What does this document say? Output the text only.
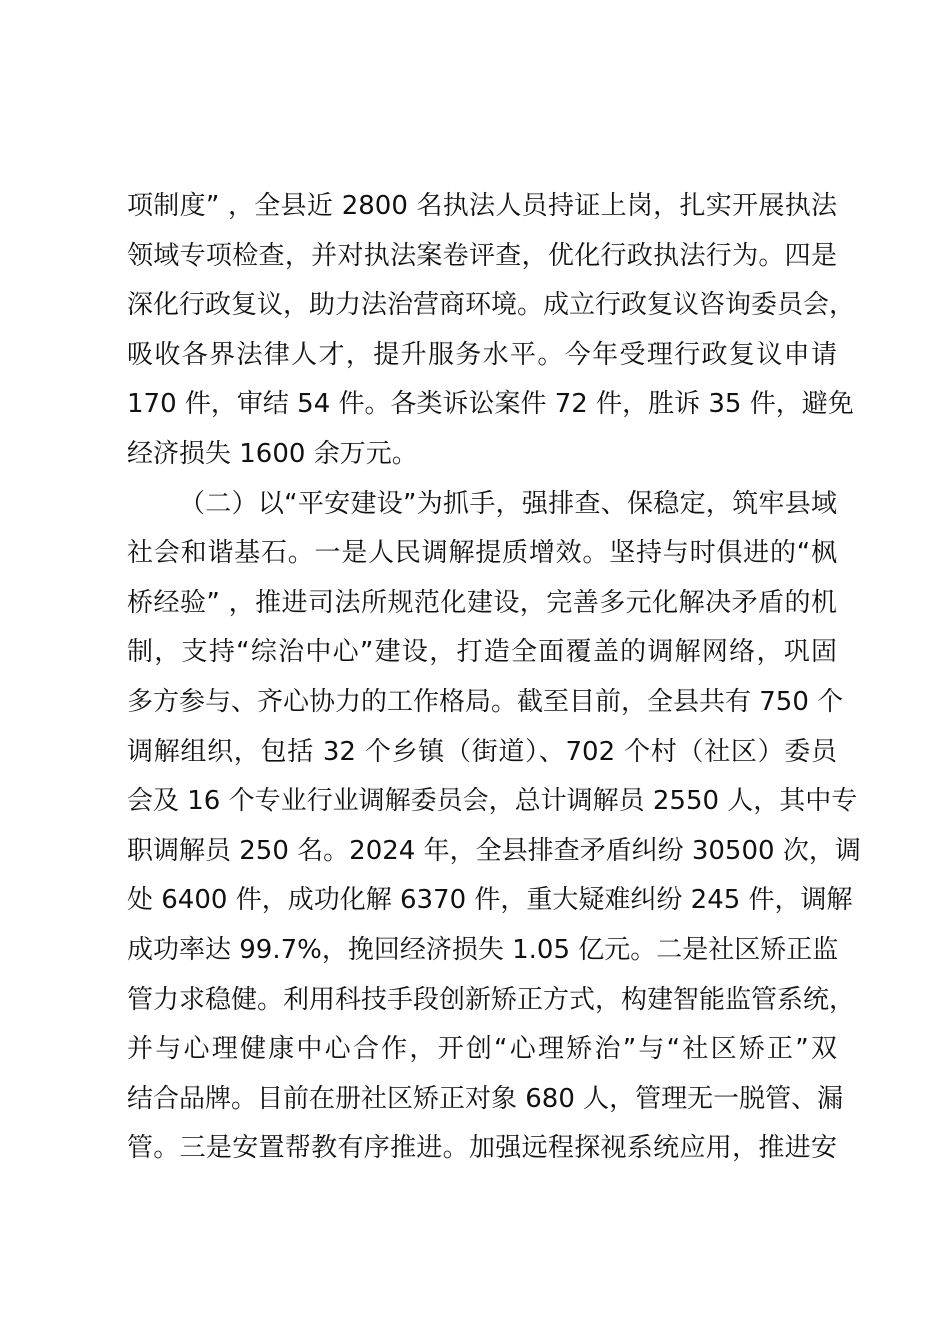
项制度” ，全县近 2800 名执法人员持证上岗，扎实开展执法
领域专项检查，并对执法案卷评查，优化行政执法行为。四是
深化行政复议，助力法治营商环境。成立行政复议咨询委员会，
吸收各界法律人才，提升服务水平。今年受理行政复议申请
170 件，审结 54 件。各类诉讼案件 72 件，胜诉 35 件，避免
经济损失 1600 余万元。
（二）以“平安建设”为抓手，强排查、保稳定，筑牢县域
社会和谐基石。一是人民调解提质增效。坚持与时俱进的“枫
桥经验” ，推进司法所规范化建设，完善多元化解决矛盾的机
制，支持“综治中心”建设，打造全面覆盖的调解网络，巩固
多方参与、齐心协力的工作格局。截至目前，全县共有 750 个
调解组织，包括 32 个乡镇（街道）、702 个村（社区）委员
会及 16 个专业行业调解委员会，总计调解员 2550 人，其中专
职调解员 250 名。2024 年，全县排查矛盾纠纷 30500 次，调
处 6400 件，成功化解 6370 件，重大疑难纠纷 245 件，调解
成功率达 99.7%，挽回经济损失 1.05 亿元。二是社区矫正监
管力求稳健。利用科技手段创新矫正方式，构建智能监管系统，
并与心理健康中心合作，开创“心理矫治”与“社区矫正”双
结合品牌。目前在册社区矫正对象 680 人，管理无一脱管、漏
管。三是安置帮教有序推进。加强远程探视系统应用，推进安
